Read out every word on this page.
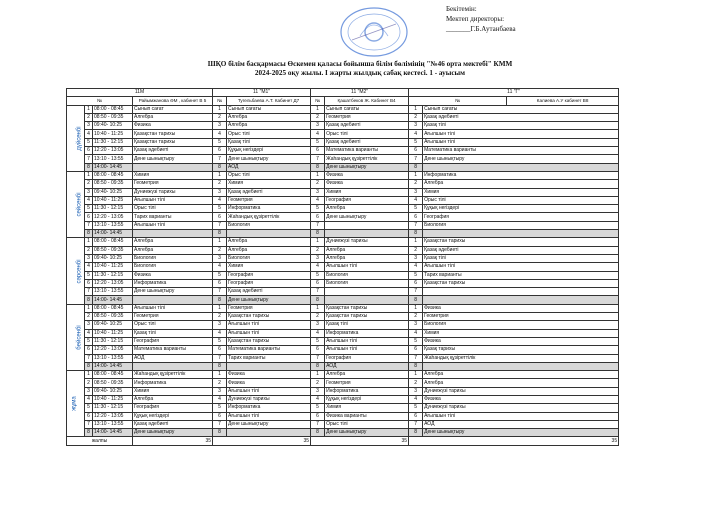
Бекітемін:
Мектеп директоры:
_______Г.Б.Аутанбаева
ШҚО білім басқармасы Өскемен қаласы бойынша білім бөлімінің "№46 орта мектебі" КММ
2024-2025 оқу жылы. I жарты жылдық сабақ кестесі. 1 - ауысым
11М				11 "М1"		11 "М2"		11 "Г"		
№			Райымжанова ӘМ , кабинет В 5	№	Тугельбаева А.Т. Кабинет Д7	№	Қашатбеков Ж. Кабинет В4	№		Калиева А.У кабинет В8
дүйсенбі	1	08:00 - 08:45	Сынып сағат	1	Сынып сағаты	1	Сынып сағаты	1	Сынып сағаты	
	2	08:50 - 09:35	Алгебра	2	Алгебра	2	Геометрия	2	Қазақ әдебиеті	
	3	09:40- 10:25	Физика	3	Алгебра	3	Қазақ әдебиеті	3	Қазақ тілі	
	4	10:40 - 11:25	Қазақстан тарихы	4	Орыс тілі	4	Орыс тілі	4	Ағылшын тілі	
	5	11:30 - 12:15	Қазақстан тарихы	5	Қазақ тілі	5	Қазақ әдебиеті	5	Ағылшын тілі	
	6	12:20 - 13:05	Қазақ әдебиеті	6	Құқық негіздері	6	Математика варианты	6	Математика варианты	
	7	13:10 - 13:55	Дене шынықтыру	7	Дене шынықтыру	7	Жаһандық құзіреттілік	7	Дене шынықтыру	
	8	14:00- 14:45		8	АОД	8	Дене шынықтыру	8		
сейсенбі	1	08:00 - 08:45	Химия	1	Орыс тілі	1	Физика	1	Информатика	
	2	08:50 - 09:35	Геометрия	2	Химия	2	Физика	2	Алгебра	
	3	09:40- 10:25	Дүниежүзі тарихы	3	Қазақ әдебиеті	3	Химия	3	Химия	
	4	10:40 - 11:25	Ағылшын тілі	4	Геометрия	4	География	4	Орыс тілі	
	5	11:30 - 12:15	Орыс тілі	5	Информатика	5	Алгебра	5	Құқық негіздері	
	6	12:20 - 13:05	Тарих варианты	6	Жаһандық құзіреттілік	6	Дене шынықтыру	6	География	
	7	13:10 - 13:55	Ағылшын тілі	7	Биология	7		7	Биология	
	8	14:00- 14:45		8		8		8		
сәрсенбі	1	08:00 - 08:45	Алгебра	1	Алгебра	1	Дүниежүзі тарихы	1	Қазақстан тарихы	
	2	08:50 - 09:35	Алгебра	2	Алгебра	2	Алгебра	2	Қазақ әдебиеті	
	3	09:40- 10:25	Биология	3	Биология	3	Алгебра	3	Қазақ тілі	
	4	10:40 - 11:25	Биология	4	Химия	4	Ағылшын тілі	4	Ағылшын тілі	
	5	11:30 - 12:15	Физика	5	География	5	Биология	5	Тарих варианты	
	6	12:20 - 13:05	Информатика	6	География	6	Биология	6	Қазақстан тарихы	
	7	13:10 - 13:55	Дене шынықтыру	7	Қазақ әдебиеті	7		7		
	8	14:00- 14:45		8	Дене шынықтыру	8		8		
бейсенбі	1	08:00 - 08:45	Ағылшын тілі	1	Геометрия	1	Қазақстан тарихы	1	Физика	
	2	08:50 - 09:35	Геометрия	2	Қазақстан тарихы	2	Қазақстан тарихы	2	Геометрия	
	3	09:40- 10:25	Орыс тілі	3	Ағылшын тілі	3	Қазақ тілі	3	Биология	
	4	10:40 - 11:25	Қазақ тілі	4	Ағылшын тілі	4	Информатика	4	Химия	
	5	11:30 - 12:15	География	5	Қазақстан тарихы	5	Ағылшын тілі	5	Физика	
	6	12:20 - 13:05	Математика варианты	6	Математика варианты	6	Ағылшын тілі	6	Қазақ тарихы	
	7	13:10 - 13:55	АОД	7	Тарих варианты	7	География	7	Жаһандық құзіреттілік	
	8	14:00- 14:45		8		8	АОД	8		
жұма	1	08:00 - 08:45	Жаһандық құзіреттілік	1	Физика	1	Алгебра	1	Алгебра	
	2	08:50 - 09:35	Информатика	2	Физика	2	Геометрия	2	Алгебра	
	3	09:40- 10:25	Химия	3	Ағылшын тілі	3	Информатика	3	Дүниежүзі тарихы	
	4	10:40 - 11:25	Алгебра	4	Дүниежүзі тарихы	4	Құқық негіздері	4	Физика	
	5	11:30 - 12:15	География	5	Информатика	5	Химия	5	Дүниежүзі тарихы	
	6	12:20 - 13:05	Құқық негіздері	6	Ағылшын тілі	6	Физика варианты	6	Ағылшын тілі	
	7	13:10 - 13:55	Қазақ әдебиеті	7	Дене шынықтыру	7	Орыс тілі	7	АОД	
	8	14:00- 14:45	Дене шынықтыру	8		8	Дене шынықтыру	8	Дене шынықтыру	
жалпы			35	35		35		35		
